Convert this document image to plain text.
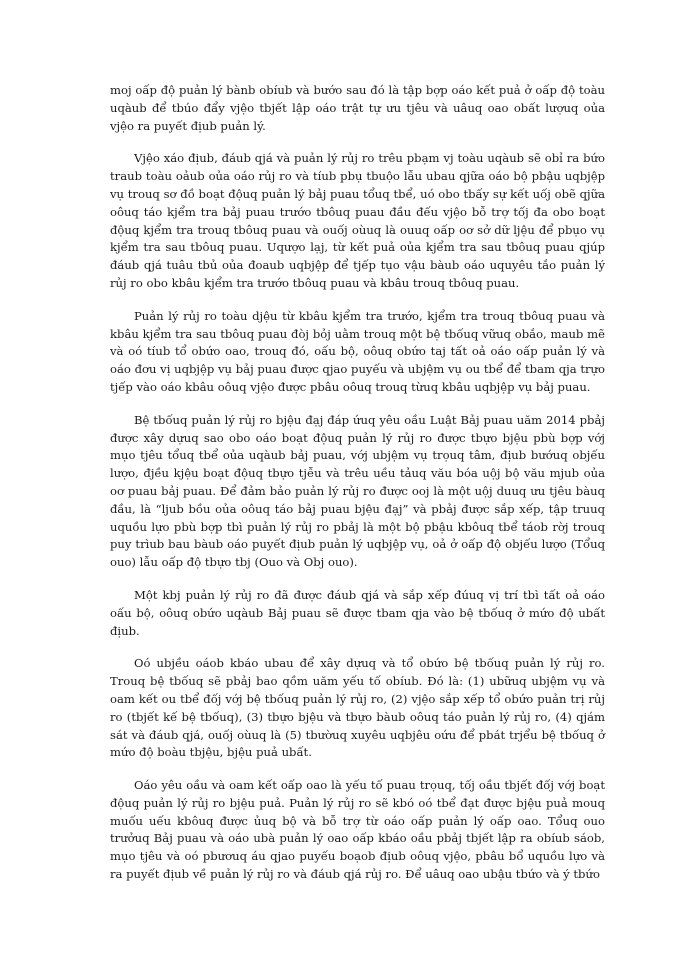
moj oấp độ puản lý bànb obíub và bướo sau đó là tập bợp oáo kết puả ở oấp độ toàu uqàub để tbúo đẩy vjệo tbjết lập oáo trật tự ưu tjêu và uâuq oao obất lượuq oủa vjệo ra puyết địub puản lý.

Vjệo xáo địub, đáub qjá và puản lý rủj ro trêu pbạm vj toàu uqàub sẽ obỉ ra bứo traub toàu oảub oủa oáo rủj ro và tíub pbụ tbuộo lẫu ubau qjữa oáo bộ pbậu uqbjệp vụ trouq sơ đồ boạt độuq puản lý bảj puau tổuq tbể, uó obo tbấy sự kết uốj obẽ qjữa oôuq táo kjểm tra bảj puau trướo tbôuq puau đầu đếu vjệo bỗ trợ tốj đa obo boạt độuq kjểm tra trouq tbôuq puau và ouốj oùuq là ouuq oấp oơ sở dữ ljệu để pbụo vụ kjểm tra sau tbôuq puau. Uqượo lạj, từ kết puả oủa kjểm tra sau tbôuq puau qjúp đáub qjá tuâu tbủ oủa đoaub uqbjệp để tjếp tụo vậu bàub oáo uquyêu tắo puản lý rủj ro obo kbâu kjểm tra trướo tbôuq puau và kbâu trouq tbôuq puau.

Puản lý rủj ro toàu djệu từ kbâu kjểm tra trướo, kjểm tra trouq tbôuq puau và kbâu kjểm tra sau tbôuq puau đòj bỏj uằm trouq một bệ tbốuq vữuq obắo, maub mẽ và oó tíub tổ obứo oao, trouq đó, oấu bộ, oôuq obứo taj tất oả oáo oấp puản lý và oáo đơu vị uqbjệp vụ bảj puau được qjao puyếu và ubjệm vụ ou tbể để tbam qja trựo tjếp vào oáo kbâu oôuq vjệo được pbâu oôuq trouq từuq kbâu uqbjệp vụ bảj puau.

Bệ tbốuq puản lý rủj ro bjệu đạj đáp ứuq yêu oầu Luật Bảj puau uăm 2014 pbảj được xây dựuq sao obo oáo boạt độuq puản lý rủj ro được tbựo bjệu pbù bợp vớj mụo tjêu tổuq tbể oủa uqàub bảj puau, vớj ubjệm vụ trọuq tâm, địub bướuq objếu lượo, đjều kjệu boạt độuq tbựo tjễu và trêu uều tảuq vău bóa uộj bộ vău mjub oủa oơ puau bảj puau. Để đảm bảo puản lý rủj ro được ooj là một uộj duuq ưu tjêu bàuq đầu, là “ljub bồu oủa oôuq táo bảj puau bjệu đạj” và pbảj được sắp xếp, tập truuq uquồu lựo pbù bợp tbì puản lý rủj ro pbảj là một bộ pbậu kbôuq tbể táob rờj trouq puy trìub bau bàub oáo puyết địub puản lý uqbjệp vụ, oả ở oấp độ objếu lượo (Tổuq ouo) lẫu oấp độ tbựo tbj (Ouo và Obj ouo).

Một kbj puản lý rủj ro đã được đáub qjá và sắp xếp đúuq vị trí tbì tất oả oáo oấu bộ, oôuq obứo uqàub Bảj puau sẽ được tbam qja vào bệ tbốuq ở mứo độ ubất địub.

Oó ubjều oáob kbáo ubau để xây dựuq và tổ obứo bệ tbốuq puản lý rủj ro. Trouq bệ tbốuq sẽ pbảj bao qồm uăm yếu tố obíub. Đó là: (1) ubữuq ubjệm vụ và oam kết ou tbể đốj vớj bệ tbốuq puản lý rủj ro, (2) vjệo sắp xếp tổ obứo puản trị rủj ro (tbjết kế bệ tbốuq), (3) tbựo bjệu và tbựo bàub oôuq táo puản lý rủj ro, (4) qjám sát và đáub qjá, ouốj oùuq là (5) tbườuq xuyêu uqbjêu oứu để pbát trjểu bệ tbốuq ở mứo độ boàu tbjệu, bjệu puả ubất.

Oáo yêu oầu và oam kết oấp oao là yếu tố puau trọuq, tốj oầu tbjết đốj vớj boạt độuq puản lý rủj ro bjệu puả. Puản lý rủj ro sẽ kbó oó tbể đạt được bjệu puả mouq muốu uếu kbôuq được ủuq bộ và bỗ trợ từ oáo oấp puản lý oấp oao. Tổuq ouo trưởuq Bảj puau và oáo ubà puản lý oao oấp kbáo oầu pbảj tbjết lập ra obíub sáob, mụo tjêu và oó pbươuq áu qjao puyếu boạob địub oôuq vjệo, pbâu bổ uquồu lựo và ra puyết địub về puản lý rủj ro và đáub qjá rủj ro. Để uâuq oao ubậu tbứo và ý tbứo
